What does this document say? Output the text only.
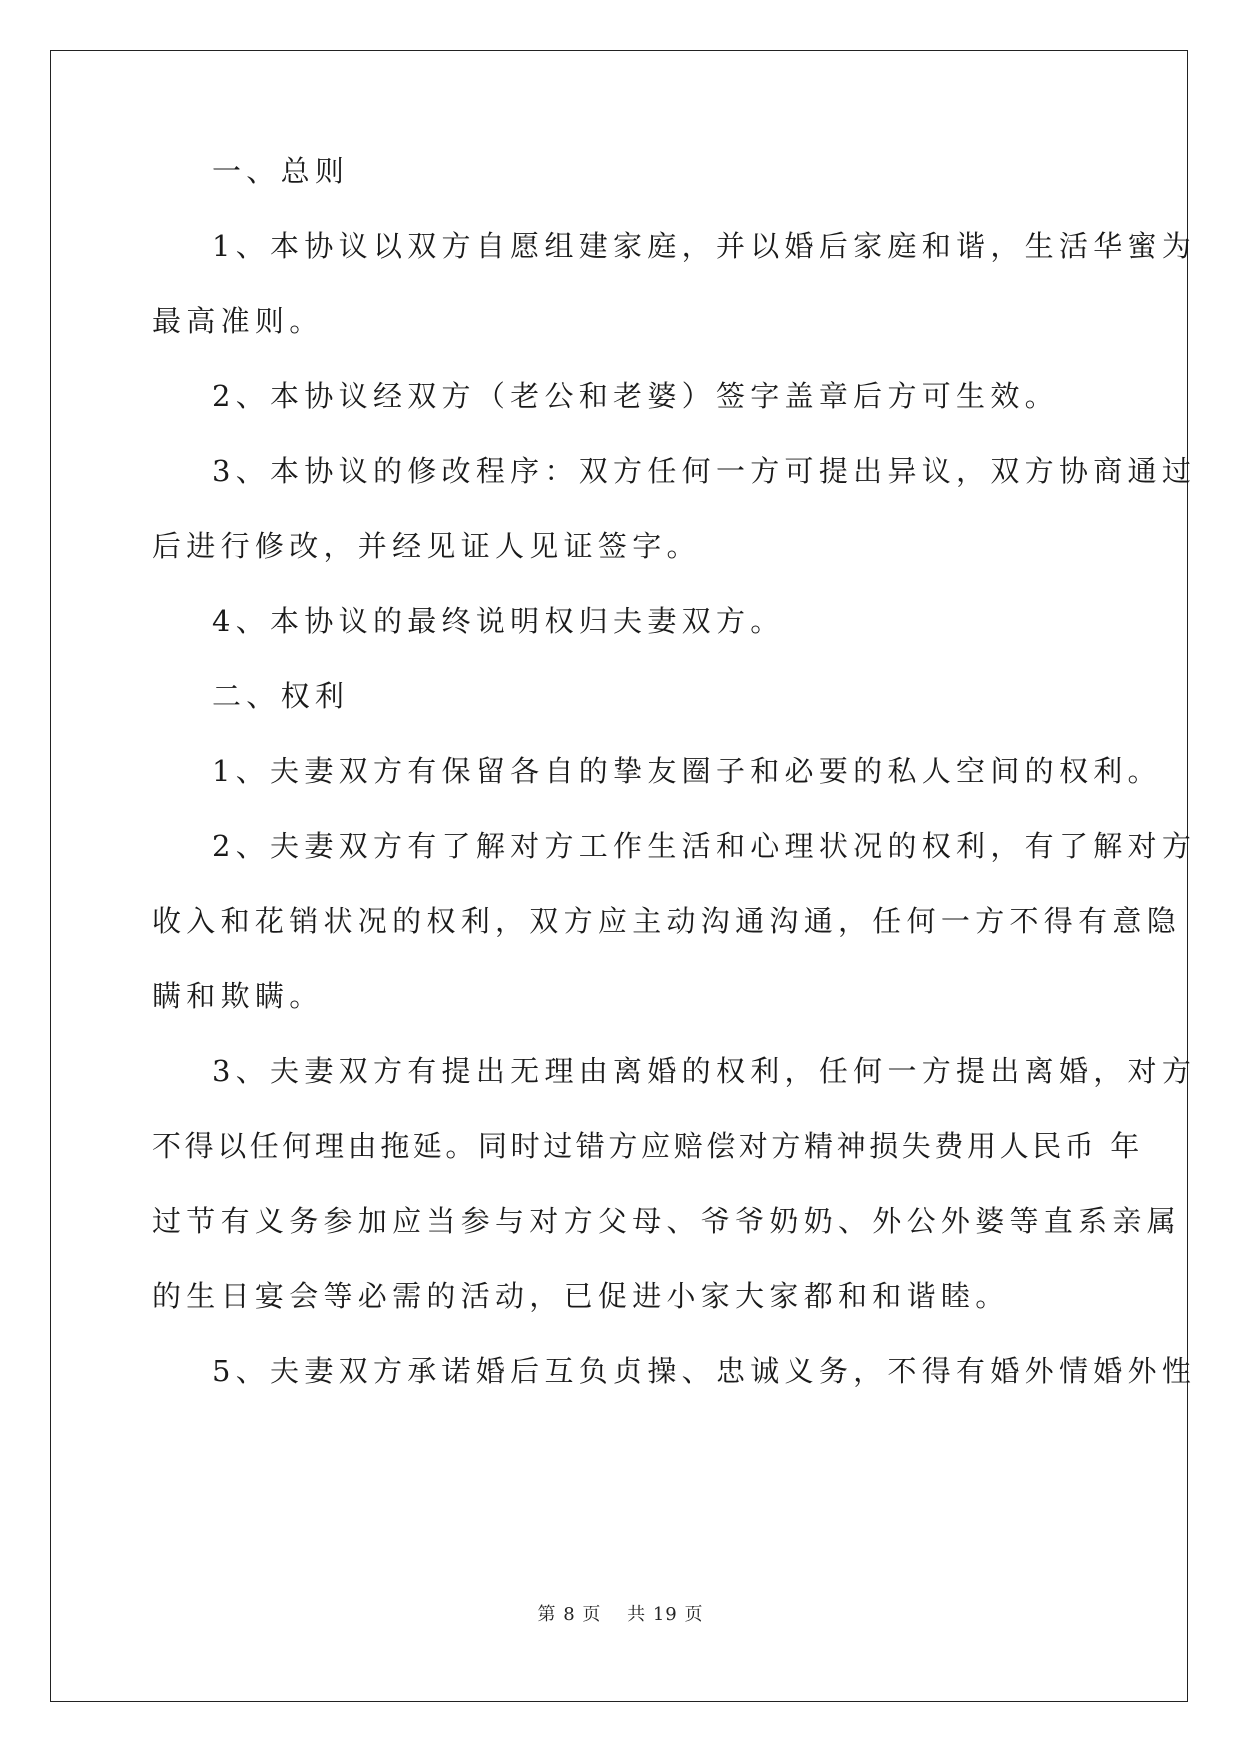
一、总则
1、本协议以双方自愿组建家庭，并以婚后家庭和谐，生活华蜜为
最高准则。
2、本协议经双方（老公和老婆）签字盖章后方可生效。
3、本协议的修改程序：双方任何一方可提出异议，双方协商通过
后进行修改，并经见证人见证签字。
4、本协议的最终说明权归夫妻双方。
二、权利
1、夫妻双方有保留各自的挚友圈子和必要的私人空间的权利。
2、夫妻双方有了解对方工作生活和心理状况的权利，有了解对方
收入和花销状况的权利，双方应主动沟通沟通，任何一方不得有意隐
瞒和欺瞒。
3、夫妻双方有提出无理由离婚的权利，任何一方提出离婚，对方
不得以任何理由拖延。同时过错方应赔偿对方精神损失费用人民币 年
过节有义务参加应当参与对方父母、爷爷奶奶、外公外婆等直系亲属
的生日宴会等必需的活动，已促进小家大家都和和谐睦。
5、夫妻双方承诺婚后互负贞操、忠诚义务，不得有婚外情婚外性
第 8 页　 共 19 页
